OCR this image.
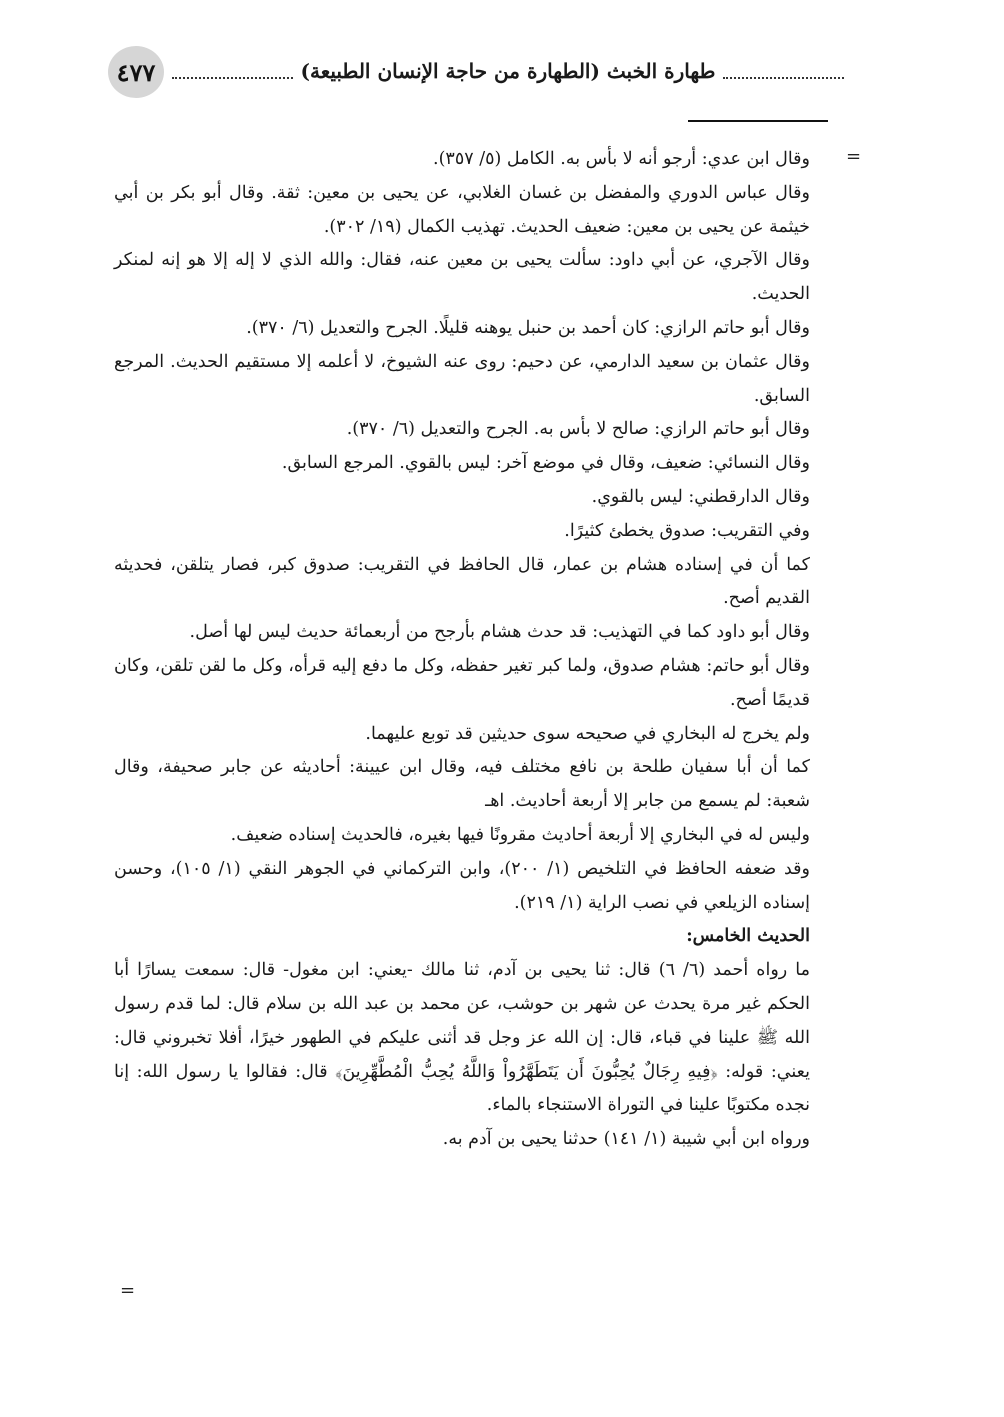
٤٧٧	طهارة الخبث (الطهارة من حاجة الإنسان الطبيعة)
=
=

وقال ابن عدي: أرجو أنه لا بأس به. الكامل (٥/ ٣٥٧).

وقال عباس الدوري والمفضل بن غسان الغلابي، عن يحيى بن معين: ثقة. وقال أبو بكر بن أبي خيثمة عن يحيى بن معين: ضعيف الحديث. تهذيب الكمال (١٩/ ٣٠٢).

وقال الآجري، عن أبي داود: سألت يحيى بن معين عنه، فقال: والله الذي لا إله إلا هو إنه لمنكر الحديث.

وقال أبو حاتم الرازي: كان أحمد بن حنبل يوهنه قليلًا. الجرح والتعديل (٦/ ٣٧٠).

وقال عثمان بن سعيد الدارمي، عن دحيم: روى عنه الشيوخ، لا أعلمه إلا مستقيم الحديث. المرجع السابق.

وقال أبو حاتم الرازي: صالح لا بأس به. الجرح والتعديل (٦/ ٣٧٠).

وقال النسائي: ضعيف، وقال في موضع آخر: ليس بالقوي. المرجع السابق.

وقال الدارقطني: ليس بالقوي.

وفي التقريب: صدوق يخطئ كثيرًا.

كما أن في إسناده هشام بن عمار، قال الحافظ في التقريب: صدوق كبر، فصار يتلقن، فحديثه القديم أصح.

وقال أبو داود كما في التهذيب: قد حدث هشام بأرجح من أربعمائة حديث ليس لها أصل.

وقال أبو حاتم: هشام صدوق، ولما كبر تغير حفظه، وكل ما دفع إليه قرأه، وكل ما لقن تلقن، وكان قديمًا أصح.

ولم يخرج له البخاري في صحيحه سوى حديثين قد توبع عليهما.

كما أن أبا سفيان طلحة بن نافع مختلف فيه، وقال ابن عيينة: أحاديثه عن جابر صحيفة، وقال شعبة: لم يسمع من جابر إلا أربعة أحاديث. اهـ

وليس له في البخاري إلا أربعة أحاديث مقرونًا فيها بغيره، فالحديث إسناده ضعيف.

وقد ضعفه الحافظ في التلخيص (١/ ٢٠٠)، وابن التركماني في الجوهر النقي (١/ ١٠٥)، وحسن إسناده الزيلعي في نصب الراية (١/ ٢١٩).

الحديث الخامس:

ما رواه أحمد (٦/ ٦) قال: ثنا يحيى بن آدم، ثنا مالك -يعني: ابن مغول- قال: سمعت يسارًا أبا الحكم غير مرة يحدث عن شهر بن حوشب، عن محمد بن عبد الله بن سلام قال: لما قدم رسول الله ﷺ علينا في قباء، قال: إن الله عز وجل قد أثنى عليكم في الطهور خيرًا، أفلا تخبروني قال: يعني: قوله: ﴿فِيهِ رِجَالٌ يُحِبُّونَ أَن يَتَطَهَّرُواْ وَاللَّهُ يُحِبُّ الْمُطَّهِّرِينَ﴾ قال: فقالوا يا رسول الله: إنا نجده مكتوبًا علينا في التوراة الاستنجاء بالماء.

ورواه ابن أبي شيبة (١/ ١٤١) حدثنا يحيى بن آدم به.
